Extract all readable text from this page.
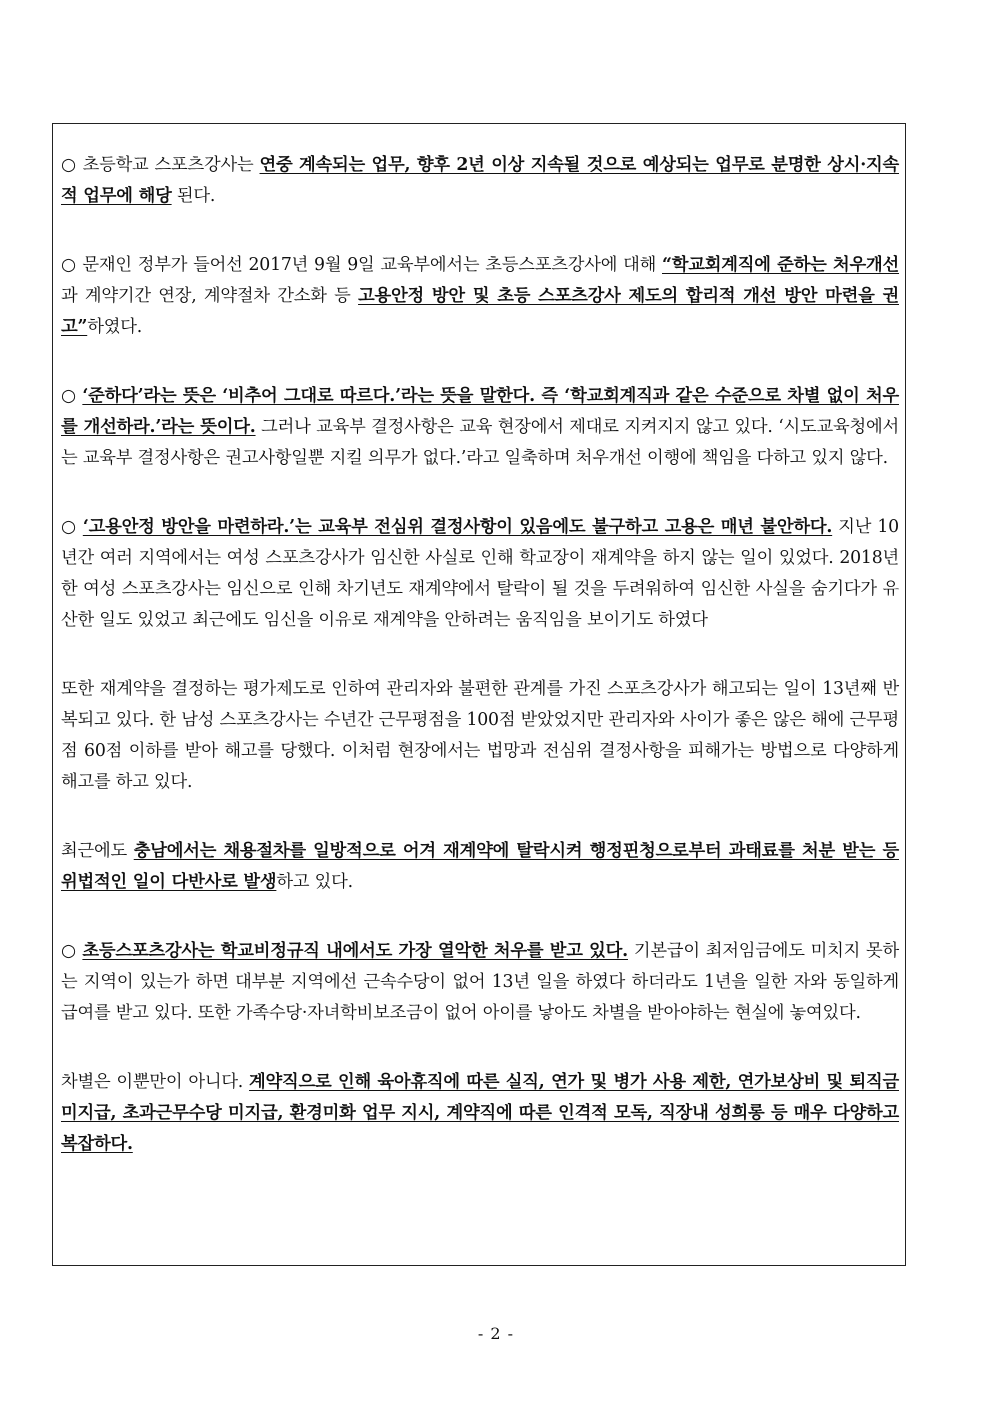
○ 초등학교 스포츠강사는 연중 계속되는 업무, 향후 2년 이상 지속될 것으로 예상되는 업무로 분명한 상시·지속적 업무에 해당 된다.

○ 문재인 정부가 들어선 2017년 9월 9일 교육부에서는 초등스포츠강사에 대해 “학교회계직에 준하는 처우개선과 계약기간 연장, 계약절차 간소화 등 고용안정 방안 및 초등 스포츠강사 제도의 합리적 개선 방안 마련을 권고”하였다.

○ ‘준하다’라는 뜻은 ‘비추어 그대로 따르다.’라는 뜻을 말한다. 즉 ‘학교회계직과 같은 수준으로 차별 없이 처우를 개선하라.’라는 뜻이다. 그러나 교육부 결정사항은 교육 현장에서 제대로 지켜지지 않고 있다. ‘시도교육청에서는 교육부 결정사항은 권고사항일뿐 지킬 의무가 없다.’라고 일축하며 처우개선 이행에 책임을 다하고 있지 않다.

○ ‘고용안정 방안을 마련하라.’는 교육부 전심위 결정사항이 있음에도 불구하고 고용은 매년 불안하다. 지난 10년간 여러 지역에서는 여성 스포츠강사가 임신한 사실로 인해 학교장이 재계약을 하지 않는 일이 있었다. 2018년 한 여성 스포츠강사는 임신으로 인해 차기년도 재계약에서 탈락이 될 것을 두려워하여 임신한 사실을 숨기다가 유산한 일도 있었고 최근에도 임신을 이유로 재계약을 안하려는 움직임을 보이기도 하였다

또한 재계약을 결정하는 평가제도로 인하여 관리자와 불편한 관계를 가진 스포츠강사가 해고되는 일이 13년째 반복되고 있다. 한 남성 스포츠강사는 수년간 근무평점을 100점 받았었지만 관리자와 사이가 좋은 않은 해에 근무평점 60점 이하를 받아 해고를 당했다. 이처럼 현장에서는 법망과 전심위 결정사항을 피해가는 방법으로 다양하게 해고를 하고 있다.

최근에도 충남에서는 채용절차를 일방적으로 어겨 재계약에 탈락시켜 행정핀청으로부터 과태료를 처분 받는 등 위법적인 일이 다반사로 발생하고 있다.

○ 초등스포츠강사는 학교비정규직 내에서도 가장 열악한 처우를 받고 있다. 기본급이 최저임금에도 미치지 못하는 지역이 있는가 하면 대부분 지역에선 근속수당이 없어 13년 일을 하였다 하더라도 1년을 일한 자와 동일하게 급여를 받고 있다. 또한 가족수당·자녀학비보조금이 없어 아이를 낳아도 차별을 받아야하는 현실에 놓여있다.

차별은 이뿐만이 아니다. 계약직으로 인해 육아휴직에 따른 실직, 연가 및 병가 사용 제한, 연가보상비 및 퇴직금 미지급, 초과근무수당 미지급, 환경미화 업무 지시, 계약직에 따른 인격적 모독, 직장내 성희롱 등 매우 다양하고 복잡하다.

- 2 -
